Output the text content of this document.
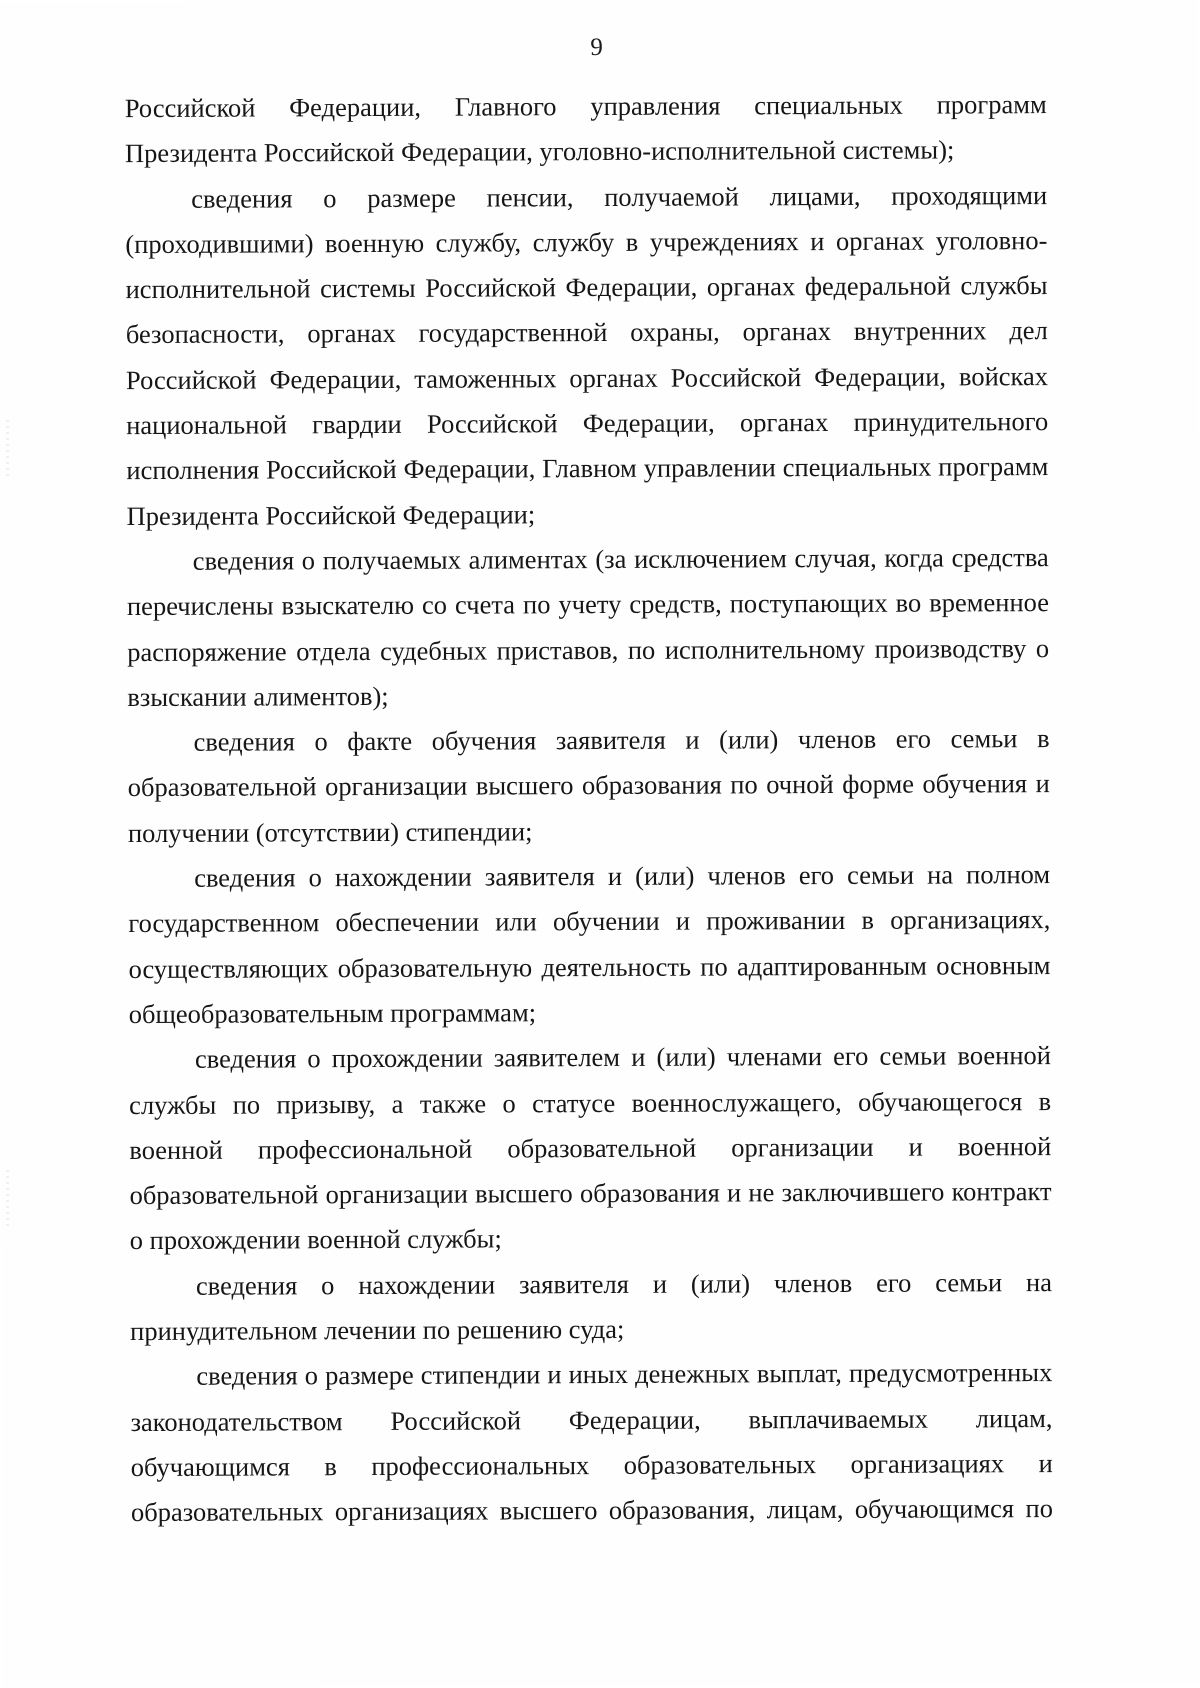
9

Российской Федерации, Главного управления специальных программ Президента Российской Федерации, уголовно-исполнительной системы);

сведения о размере пенсии, получаемой лицами, проходящими (проходившими) военную службу, службу в учреждениях и органах уголовно-исполнительной системы Российской Федерации, органах федеральной службы безопасности, органах государственной охраны, органах внутренних дел Российской Федерации, таможенных органах Российской Федерации, войсках национальной гвардии Российской Федерации, органах принудительного исполнения Российской Федерации, Главном управлении специальных программ Президента Российской Федерации;

сведения о получаемых алиментах (за исключением случая, когда средства перечислены взыскателю со счета по учету средств, поступающих во временное распоряжение отдела судебных приставов, по исполнительному производству о взыскании алиментов);

сведения о факте обучения заявителя и (или) членов его семьи в образовательной организации высшего образования по очной форме обучения и получении (отсутствии) стипендии;

сведения о нахождении заявителя и (или) членов его семьи на полном государственном обеспечении или обучении и проживании в организациях, осуществляющих образовательную деятельность по адаптированным основным общеобразовательным программам;

сведения о прохождении заявителем и (или) членами его семьи военной службы по призыву, а также о статусе военнослужащего, обучающегося в военной профессиональной образовательной организации и военной образовательной организации высшего образования и не заключившего контракт о прохождении военной службы;

сведения о нахождении заявителя и (или) членов его семьи на принудительном лечении по решению суда;

сведения о размере стипендии и иных денежных выплат, предусмотренных законодательством Российской Федерации, выплачиваемых лицам, обучающимся в профессиональных образовательных организациях и образовательных организациях высшего образования, лицам, обучающимся по
